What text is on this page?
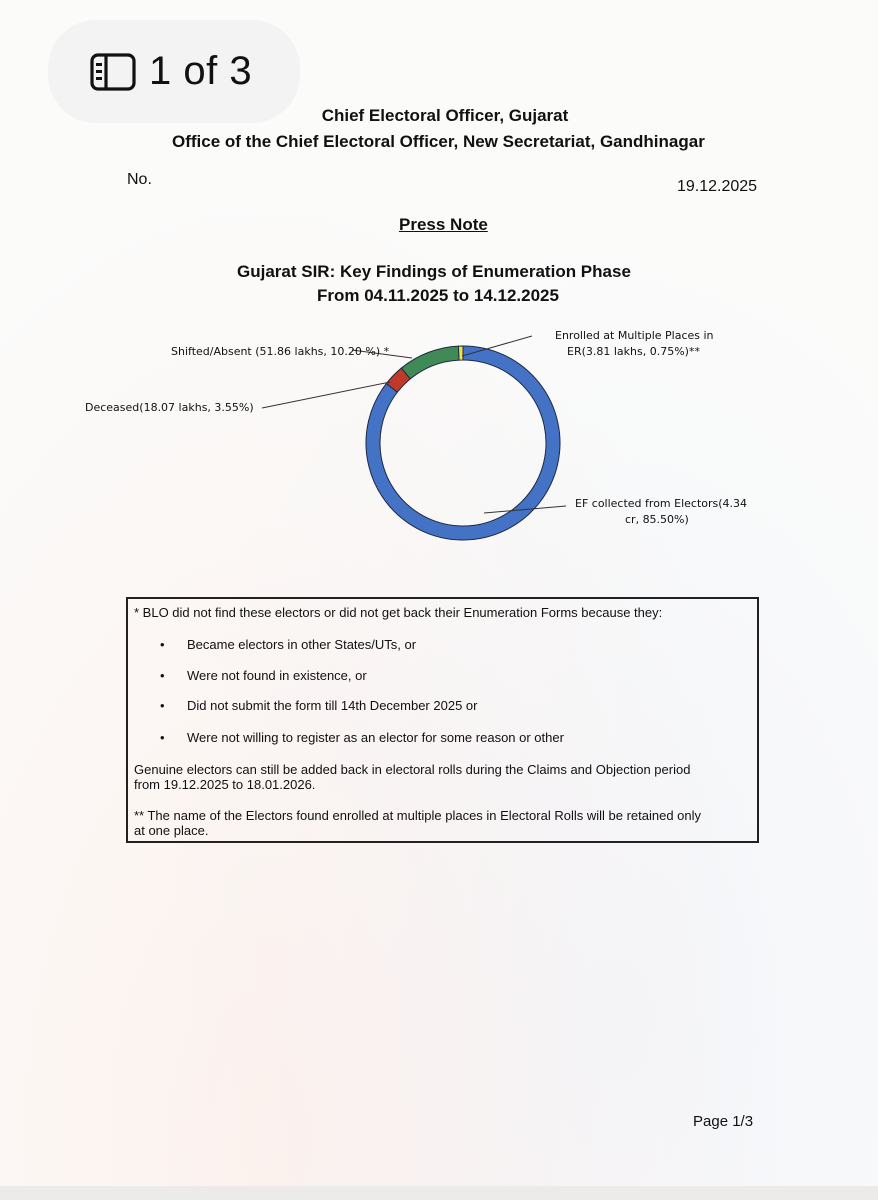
1 of 3
Chief Electoral Officer, Gujarat
Office of the Chief Electoral Officer, New Secretariat, Gandhinagar
No.	19.12.2025
Press Note
Gujarat SIR: Key Findings of Enumeration Phase
From 04.11.2025 to 14.12.2025
Shifted/Absent (51.86 lakhs, 10.20 %) *
Deceased(18.07 lakhs, 3.55%)
Enrolled at Multiple Places in
ER(3.81 lakhs, 0.75%)**
EF collected from Electors(4.34
cr, 85.50%)
* BLO did not find these electors or did not get back their Enumeration Forms because they:
• Became electors in other States/UTs, or
• Were not found in existence, or
• Did not submit the form till 14th December 2025 or
• Were not willing to register as an elector for some reason or other
Genuine electors can still be added back in electoral rolls during the Claims and Objection period
from 19.12.2025 to 18.01.2026.
** The name of the Electors found enrolled at multiple places in Electoral Rolls will be retained only
at one place.
Page 1/3
